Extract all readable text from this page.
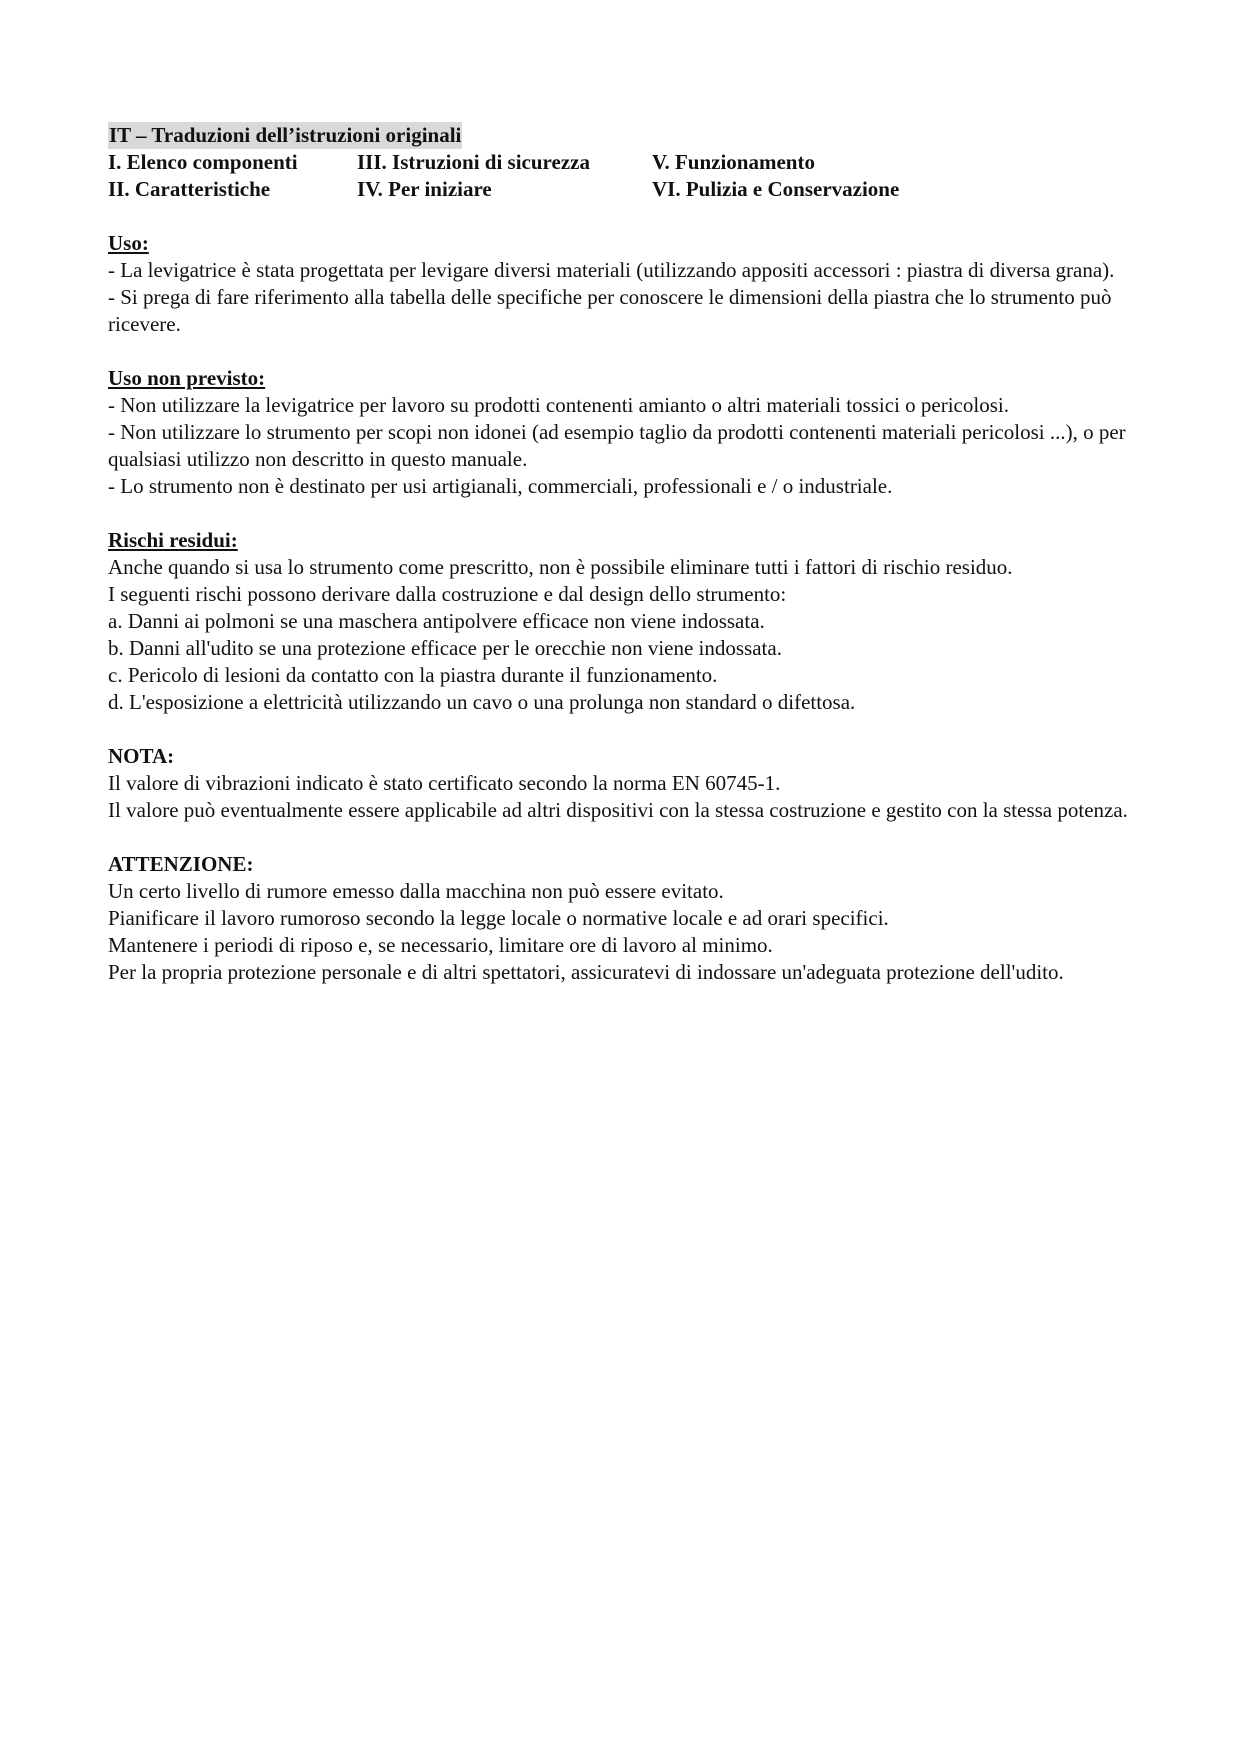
IT – Traduzioni dell’istruzioni originali
I. Elenco componenti	III. Istruzioni di sicurezza	V. Funzionamento
II. Caratteristiche	IV. Per iniziare	VI. Pulizia e Conservazione
Uso:
- La levigatrice è stata progettata per levigare diversi materiali (utilizzando appositi accessori : piastra di diversa grana).
- Si prega di fare riferimento alla tabella delle specifiche per conoscere le dimensioni della piastra che lo strumento può ricevere.
Uso non previsto:
- Non utilizzare la levigatrice per lavoro su prodotti contenenti amianto o altri materiali tossici o pericolosi.
- Non utilizzare lo strumento per scopi non idonei (ad esempio taglio da prodotti contenenti materiali pericolosi ...), o per qualsiasi utilizzo non descritto in questo manuale.
- Lo strumento non è destinato per usi artigianali, commerciali, professionali e / o industriale.
Rischi residui:
Anche quando si usa lo strumento come prescritto, non è possibile eliminare tutti i fattori di rischio residuo.
I seguenti rischi possono derivare dalla costruzione e dal design dello strumento:
a. Danni ai polmoni se una maschera antipolvere efficace non viene indossata.
b. Danni all'udito se una protezione efficace per le orecchie non viene indossata.
c. Pericolo di lesioni da contatto con la piastra durante il funzionamento.
d. L'esposizione a elettricità utilizzando un cavo o una prolunga non standard o difettosa.
NOTA:
Il valore di vibrazioni indicato è stato certificato secondo la norma EN 60745-1.
Il valore può eventualmente essere applicabile ad altri dispositivi con la stessa costruzione e gestito con la stessa potenza.
ATTENZIONE:
Un certo livello di rumore emesso dalla macchina non può essere evitato.
Pianificare il lavoro rumoroso secondo la legge locale o normative locale e ad orari specifici.
Mantenere i periodi di riposo e, se necessario, limitare ore di lavoro al minimo.
Per la propria protezione personale e di altri spettatori, assicuratevi di indossare un'adeguata protezione dell'udito.
